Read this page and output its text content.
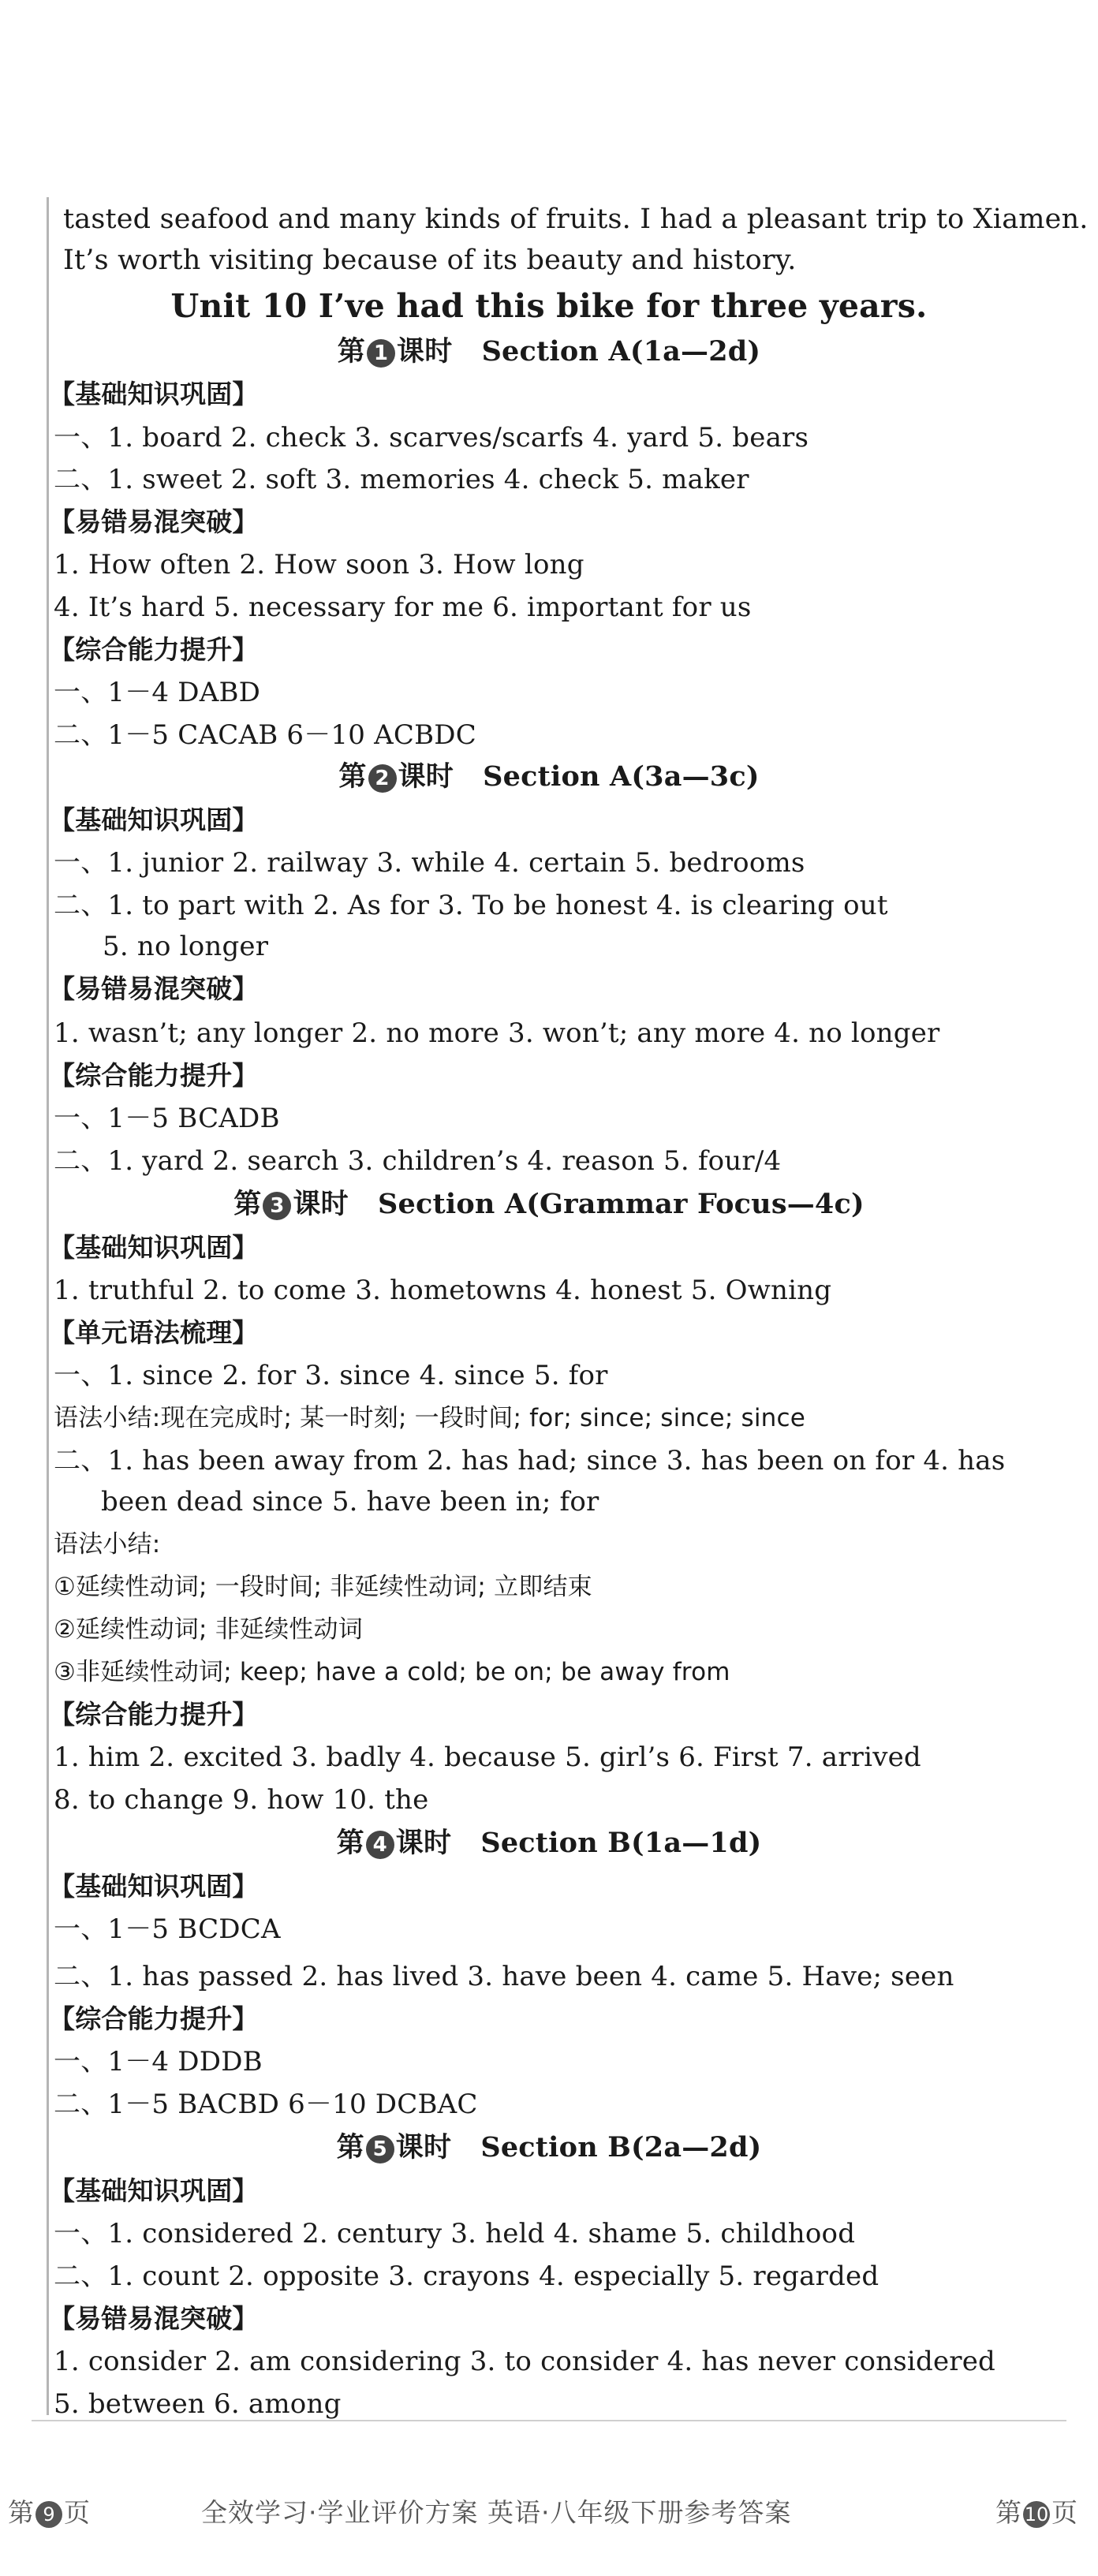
tasted seafood and many kinds of fruits. I had a pleasant trip to Xiamen.
It’s worth visiting because of its beauty and history.
Unit 10 I’ve had this bike for three years.
第 1 课时 Section A(1a—2d)
【基础知识巩固】
一、1. board 2. check 3. scarves/scarfs 4. yard 5. bears
二、1. sweet 2. soft 3. memories 4. check 5. maker
【易错易混突破】
1. How often 2. How soon 3. How long
4. It’s hard 5. necessary for me 6. important for us
【综合能力提升】
一、1－4 DABD
二、1－5 CACAB 6－10 ACBDC
第 2 课时 Section A(3a—3c)
【基础知识巩固】
一、1. junior 2. railway 3. while 4. certain 5. bedrooms
二、1. to part with 2. As for 3. To be honest 4. is clearing out
5. no longer
【易错易混突破】
1. wasn’t; any longer 2. no more 3. won’t; any more 4. no longer
【综合能力提升】
一、1－5 BCADB
二、1. yard 2. search 3. children’s 4. reason 5. four/4
第 3 课时 Section A(Grammar Focus—4c)
【基础知识巩固】
1. truthful 2. to come 3. hometowns 4. honest 5. Owning
【单元语法梳理】
一、1. since 2. for 3. since 4. since 5. for
语法小结:现在完成时; 某一时刻; 一段时间; for; since; since; since
二、1. has been away from 2. has had; since 3. has been on for 4. has
been dead since 5. have been in; for
语法小结:
①延续性动词; 一段时间; 非延续性动词; 立即结束
②延续性动词; 非延续性动词
③非延续性动词; keep; have a cold; be on; be away from
【综合能力提升】
1. him 2. excited 3. badly 4. because 5. girl’s 6. First 7. arrived
8. to change 9. how 10. the
第 4 课时 Section B(1a—1d)
【基础知识巩固】
一、1－5 BCDCA
二、1. has passed 2. has lived 3. have been 4. came 5. Have; seen
【综合能力提升】
一、1－4 DDDB
二、1－5 BACBD 6－10 DCBAC
第 5 课时 Section B(2a—2d)
【基础知识巩固】
一、1. considered 2. century 3. held 4. shame 5. childhood
二、1. count 2. opposite 3. crayons 4. especially 5. regarded
【易错易混突破】
1. consider 2. am considering 3. to consider 4. has never considered
5. between 6. among
第 9 页	全效学习·学业评价方案 英语·八年级下册参考答案	第 10 页
